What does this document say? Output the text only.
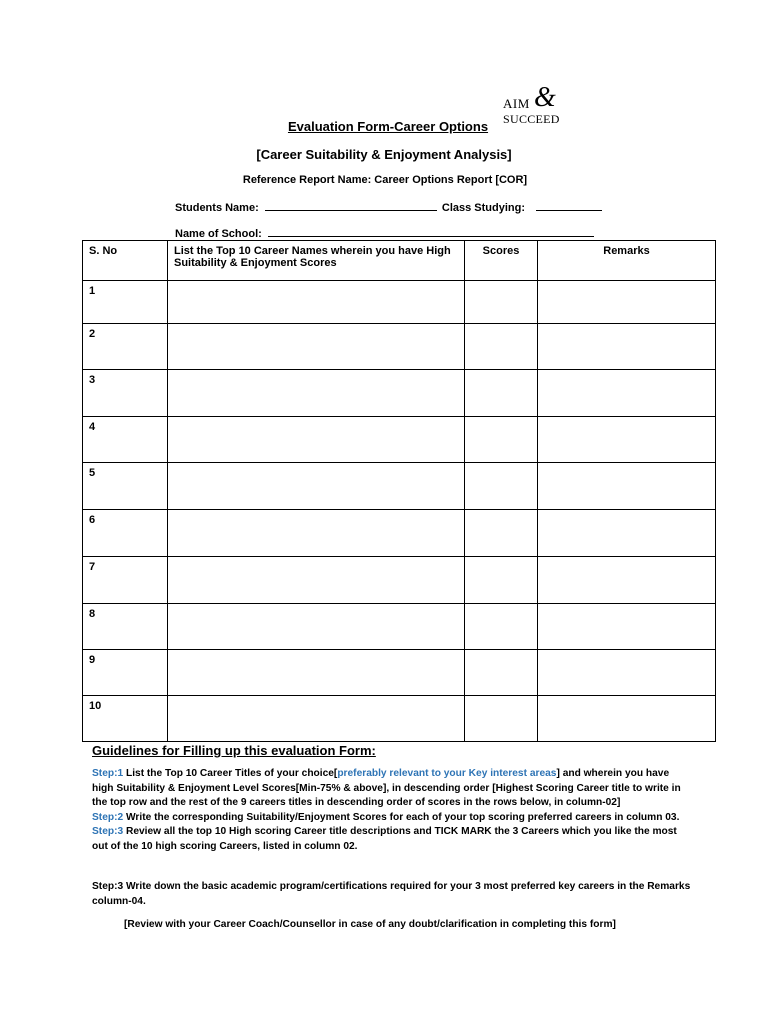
AIM &
SUCCEED
Evaluation Form-Career Options
[Career Suitability & Enjoyment Analysis]
Reference Report Name: Career Options Report [COR]
Students Name:	Class Studying:
Name of School:
S. No	List the Top 10 Career Names wherein you have High Suitability & Enjoyment Scores	Scores	Remarks
1			
2			
3			
4			
5			
6			
7			
8			
9			
10			
Guidelines for Filling up this evaluation Form:
Step:1 List the Top 10 Career Titles of your choice[preferably relevant to your Key interest areas] and wherein you have high Suitability & Enjoyment Level Scores[Min-75% & above], in descending order [Highest Scoring Career title to write in the top row and the rest of the 9 careers titles in descending order of scores in the rows below, in column-02]
Step:2 Write the corresponding Suitability/Enjoyment Scores for each of your top scoring preferred careers in column 03.
Step:3 Review all the top 10 High scoring Career title descriptions and TICK MARK the 3 Careers which you like the most out of the 10 high scoring Careers, listed in column 02.
Step:3 Write down the basic academic program/certifications required for your 3 most preferred key careers in the Remarks column-04.
[Review with your Career Coach/Counsellor in case of any doubt/clarification in completing this form]
